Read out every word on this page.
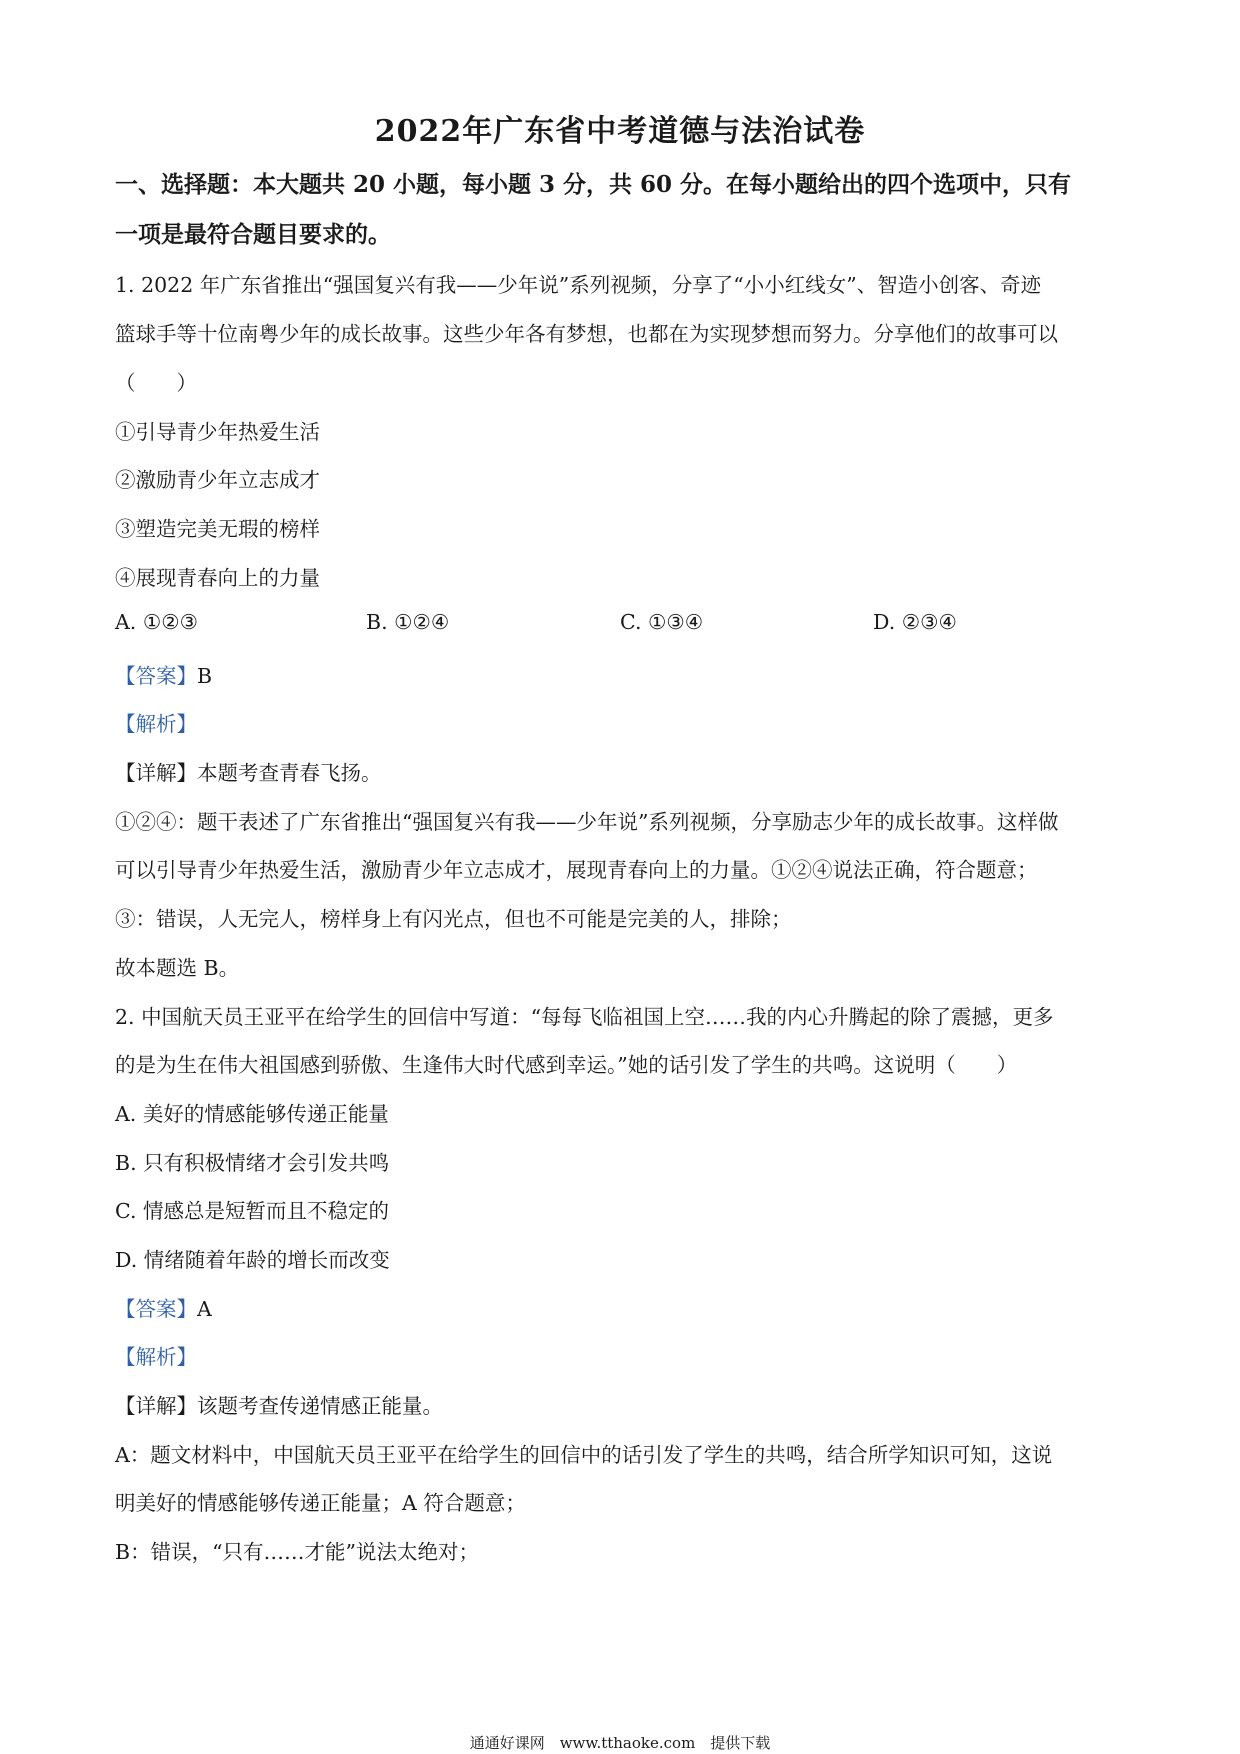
2022年广东省中考道德与法治试卷
一、选择题：本大题共 20 小题，每小题 3 分，共 60 分。在每小题给出的四个选项中，只有
一项是最符合题目要求的。
1. 2022 年广东省推出“强国复兴有我——少年说”系列视频，分享了“小小红线女”、智造小创客、奇迹
篮球手等十位南粤少年的成长故事。这些少年各有梦想，也都在为实现梦想而努力。分享他们的故事可以
（　　）
①引导青少年热爱生活
②激励青少年立志成才
③塑造完美无瑕的榜样
④展现青春向上的力量
A. ①②③	B. ①②④	C. ①③④	D. ②③④
【答案】B
【解析】
【详解】本题考查青春飞扬。
①②④：题干表述了广东省推出“强国复兴有我——少年说”系列视频，分享励志少年的成长故事。这样做
可以引导青少年热爱生活，激励青少年立志成才，展现青春向上的力量。①②④说法正确，符合题意；
③：错误，人无完人，榜样身上有闪光点，但也不可能是完美的人，排除；
故本题选 B。
2. 中国航天员王亚平在给学生的回信中写道：“每每飞临祖国上空……我的内心升腾起的除了震撼，更多
的是为生在伟大祖国感到骄傲、生逢伟大时代感到幸运。”她的话引发了学生的共鸣。这说明（　　）
A. 美好的情感能够传递正能量
B. 只有积极情绪才会引发共鸣
C. 情感总是短暂而且不稳定的
D. 情绪随着年龄的增长而改变
【答案】A
【解析】
【详解】该题考查传递情感正能量。
A：题文材料中，中国航天员王亚平在给学生的回信中的话引发了学生的共鸣，结合所学知识可知，这说
明美好的情感能够传递正能量；A 符合题意；
B：错误，“只有……才能”说法太绝对；
通通好课网　www.tthaoke.com　提供下载
